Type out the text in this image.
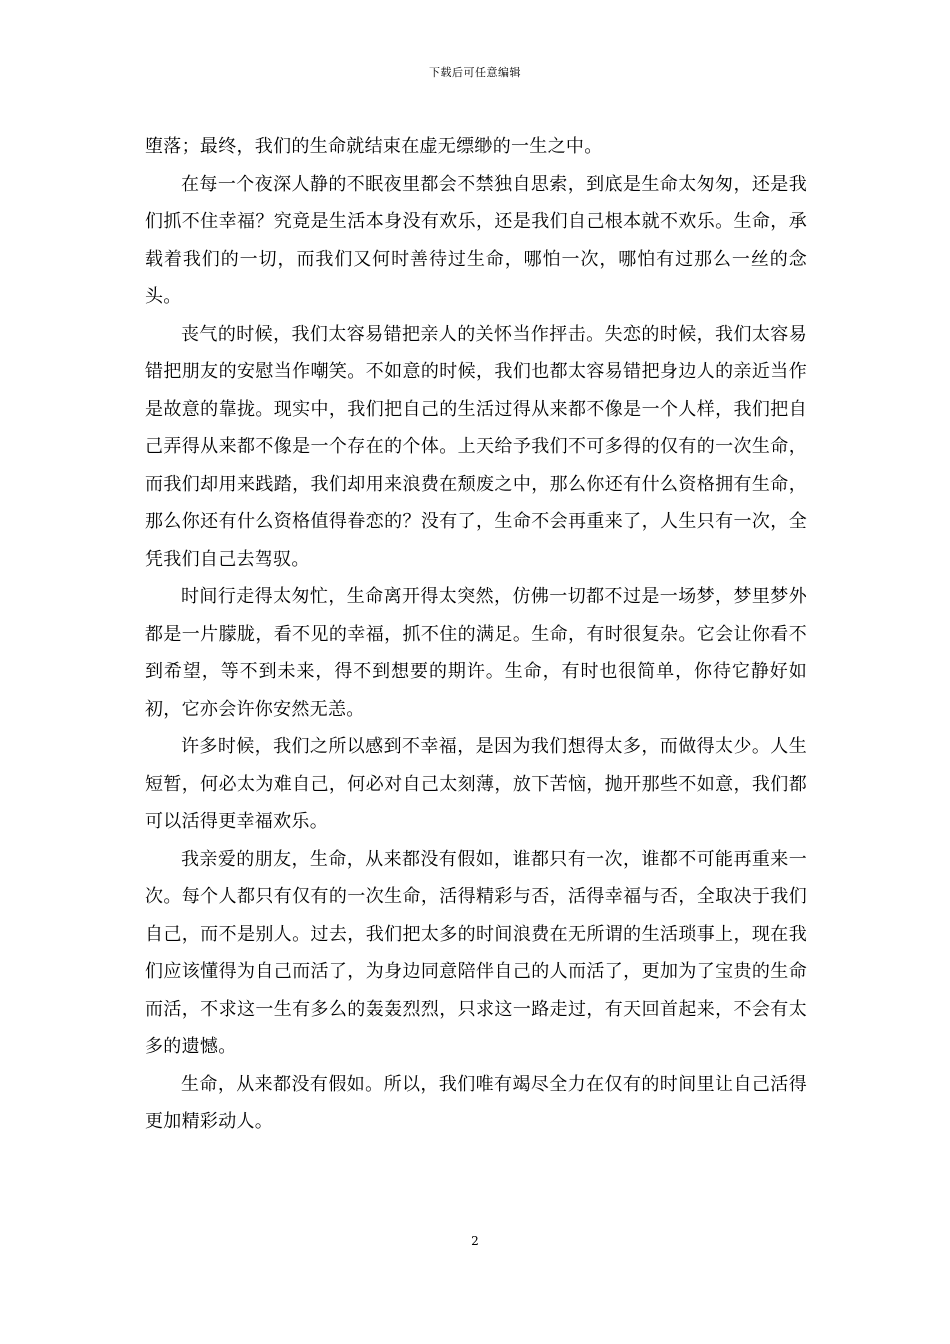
下载后可任意编辑

堕落；最终，我们的生命就结束在虚无缥缈的一生之中。

在每一个夜深人静的不眠夜里都会不禁独自思索，到底是生命太匆匆，还是我们抓不住幸福？究竟是生活本身没有欢乐，还是我们自己根本就不欢乐。生命，承载着我们的一切，而我们又何时善待过生命，哪怕一次，哪怕有过那么一丝的念头。

丧气的时候，我们太容易错把亲人的关怀当作抨击。失恋的时候，我们太容易错把朋友的安慰当作嘲笑。不如意的时候，我们也都太容易错把身边人的亲近当作是故意的靠拢。现实中，我们把自己的生活过得从来都不像是一个人样，我们把自己弄得从来都不像是一个存在的个体。上天给予我们不可多得的仅有的一次生命，而我们却用来践踏，我们却用来浪费在颓废之中，那么你还有什么资格拥有生命，那么你还有什么资格值得眷恋的？没有了，生命不会再重来了，人生只有一次，全凭我们自己去驾驭。

时间行走得太匆忙，生命离开得太突然，仿佛一切都不过是一场梦，梦里梦外都是一片朦胧，看不见的幸福，抓不住的满足。生命，有时很复杂。它会让你看不到希望，等不到未来，得不到想要的期许。生命，有时也很简单，你待它静好如初，它亦会许你安然无恙。

许多时候，我们之所以感到不幸福，是因为我们想得太多，而做得太少。人生短暂，何必太为难自己，何必对自己太刻薄，放下苦恼，抛开那些不如意，我们都可以活得更幸福欢乐。

我亲爱的朋友，生命，从来都没有假如，谁都只有一次，谁都不可能再重来一次。每个人都只有仅有的一次生命，活得精彩与否，活得幸福与否，全取决于我们自己，而不是别人。过去，我们把太多的时间浪费在无所谓的生活琐事上，现在我们应该懂得为自己而活了，为身边同意陪伴自己的人而活了，更加为了宝贵的生命而活，不求这一生有多么的轰轰烈烈，只求这一路走过，有天回首起来，不会有太多的遗憾。

生命，从来都没有假如。所以，我们唯有竭尽全力在仅有的时间里让自己活得更加精彩动人。

2
